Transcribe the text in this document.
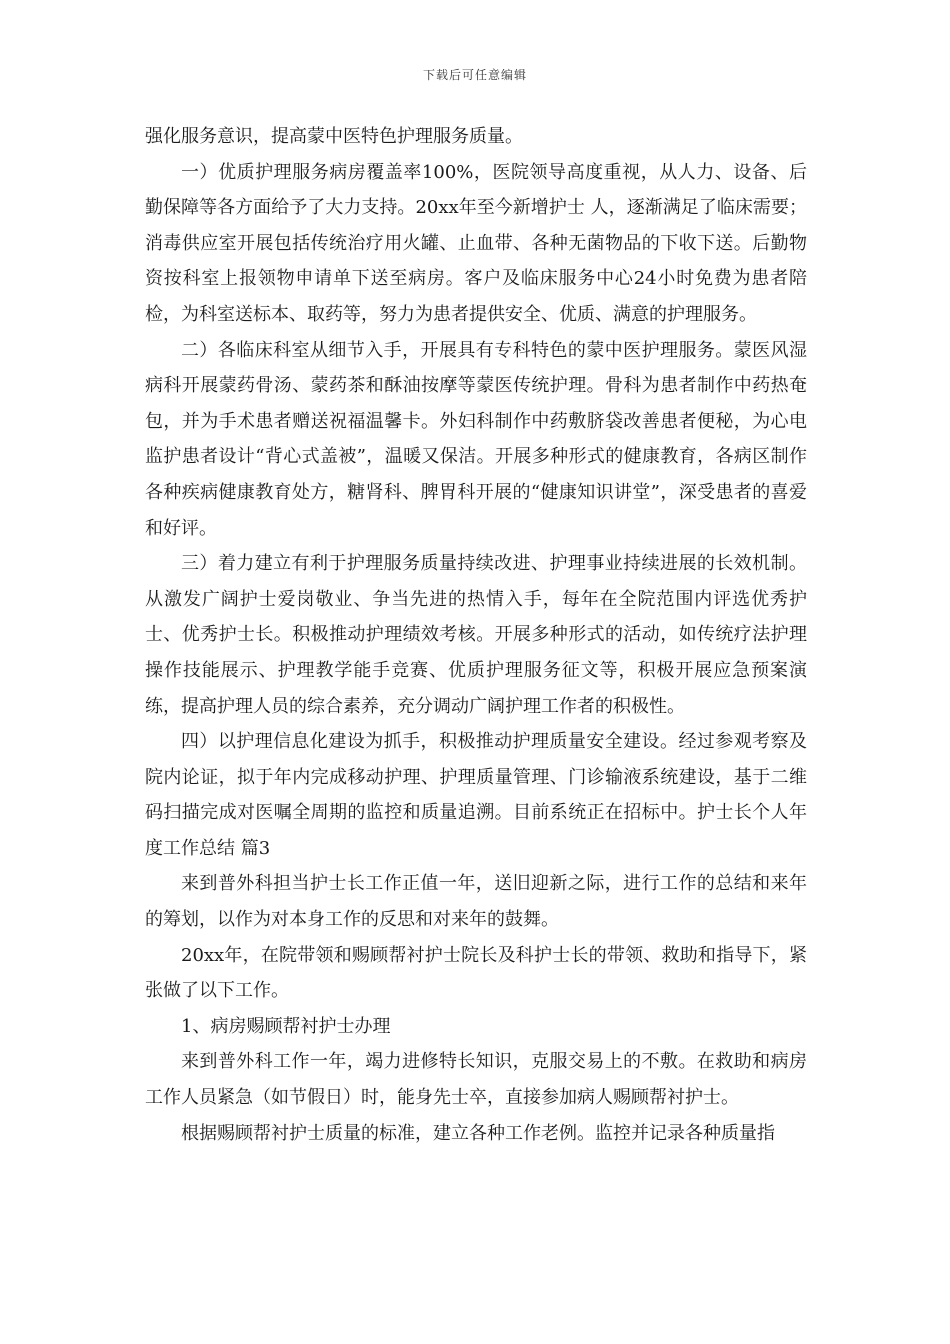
下载后可任意编辑

强化服务意识，提高蒙中医特色护理服务质量。

一）优质护理服务病房覆盖率100%，医院领导高度重视，从人力、设备、后勤保障等各方面给予了大力支持。20xx年至今新增护士 人，逐渐满足了临床需要；消毒供应室开展包括传统治疗用火罐、止血带、各种无菌物品的下收下送。后勤物资按科室上报领物申请单下送至病房。客户及临床服务中心24小时免费为患者陪检，为科室送标本、取药等，努力为患者提供安全、优质、满意的护理服务。

二）各临床科室从细节入手，开展具有专科特色的蒙中医护理服务。蒙医风湿病科开展蒙药骨汤、蒙药茶和酥油按摩等蒙医传统护理。骨科为患者制作中药热奄包，并为手术患者赠送祝福温馨卡。外妇科制作中药敷脐袋改善患者便秘，为心电监护患者设计“背心式盖被”，温暖又保洁。开展多种形式的健康教育，各病区制作各种疾病健康教育处方，糖肾科、脾胃科开展的“健康知识讲堂”，深受患者的喜爱和好评。

三）着力建立有利于护理服务质量持续改进、护理事业持续进展的长效机制。从激发广阔护士爱岗敬业、争当先进的热情入手，每年在全院范围内评选优秀护士、优秀护士长。积极推动护理绩效考核。开展多种形式的活动，如传统疗法护理操作技能展示、护理教学能手竞赛、优质护理服务征文等，积极开展应急预案演练，提高护理人员的综合素养，充分调动广阔护理工作者的积极性。

四）以护理信息化建设为抓手，积极推动护理质量安全建设。经过参观考察及院内论证，拟于年内完成移动护理、护理质量管理、门诊输液系统建设，基于二维码扫描完成对医嘱全周期的监控和质量追溯。目前系统正在招标中。护士长个人年度工作总结 篇3

来到普外科担当护士长工作正值一年，送旧迎新之际，进行工作的总结和来年的筹划，以作为对本身工作的反思和对来年的鼓舞。

20xx年，在院带领和赐顾帮衬护士院长及科护士长的带领、救助和指导下，紧张做了以下工作。

1、病房赐顾帮衬护士办理

来到普外科工作一年，竭力进修特长知识，克服交易上的不敷。在救助和病房工作人员紧急（如节假日）时，能身先士卒，直接参加病人赐顾帮衬护士。

根据赐顾帮衬护士质量的标准，建立各种工作老例。监控并记录各种质量指
